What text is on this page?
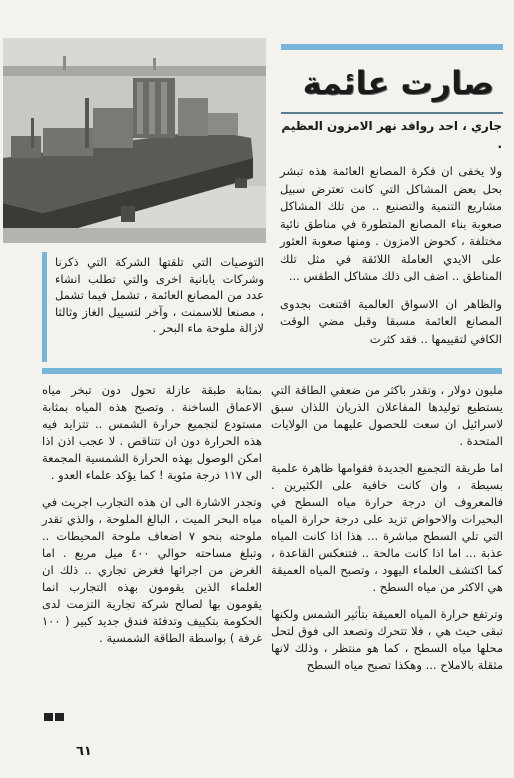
صارت عائمة

جاري ، احد روافد نهر الامزون العظيم .

ولا يخفى ان فكرة المصانع العائمة هذه تبشر بحل بعض المشاكل التي كانت تعترض سبيل مشاريع التنمية والتصنيع .. من تلك المشاكل صعوبة بناء المصانع المتطورة في مناطق نائية مختلفة ، كحوض الامزون . ومنها صعوبة العثور على الايدي العاملة اللائقة في مثل تلك المناطق .. اضف الى ذلك مشاكل الطقس ...

والظاهر ان الاسواق العالمية اقتنعت بجدوى المصانع العائمة مسبقا وقبل مضي الوقت الكافي لتقييمها .. فقد كثرت

التوصيات التي تلقتها الشركة التي ذكرنا وشركات يابانية اخرى والتي تطلب انشاء عدد من المصانع العائمة ، تشمل فيما تشمل ، مصنعا للاسمنت ، وآخر لتسييل الغاز وثالثا لازالة ملوحة ماء البحر .

مليون دولار ، وتقدر باكثر من ضعفي الطاقة التي يستطيع توليدها المفاعلان الذريان اللذان سبق لاسرائيل ان سعت للحصول عليهما من الولايات المتحدة .

اما طريقة التجميع الجديدة فقوامها ظاهرة علمية بسيطة ، وان كانت خافية على الكثيرين . فالمعروف ان درجة حرارة مياه السطح في البحيرات والاحواض تزيد على درجة حرارة المياه التي تلي السطح مباشرة ... هذا اذا كانت المياه عذبة ... اما اذا كانت مالحة .. فتنعكس القاعدة ، كما اكتشف العلماء اليهود ، وتصبح المياه العميقة هي الاكثر من مياه السطح .

وترتفع حرارة المياه العميقة بتأثير الشمس ولكنها تبقى حيث هي ، فلا تتحرك وتصعد الى فوق لتحل محلها مياه السطح ، كما هو منتظر ، وذلك لانها مثقلة بالاملاح ... وهكذا تصبح مياه السطح

بمثابة طبقة عازلة تحول دون تبخر مياه الاعماق الساخنة . وتصبح هذه المياه بمثابة مستودع لتجميع حرارة الشمس .. تتزايد فيه هذه الحرارة دون ان تتناقص . لا عجب اذن اذا امكن الوصول بهذه الحرارة الشمسية المجمعة الى ١١٧ درجة مئوية ! كما يؤكد علماء العدو .

وتجدر الاشارة الى ان هذه التجارب اجريت في مياه البحر الميت ، البالغ الملوحة ، والذي تقدر ملوحته بنحو ٧ اضعاف ملوحة المحيطات .. وتبلغ مساحته حوالي ٤٠٠ ميل مربع . اما الغرض من اجرائها فغرض تجاري .. ذلك ان العلماء الذين يقومون بهذه التجارب انما يقومون بها لصالح شركة تجارية التزمت لدى الحكومة بتكييف وتدفئة فندق جديد كبير ( ١٠٠ غرفة ) بواسطة الطاقة الشمسية .

٦١
